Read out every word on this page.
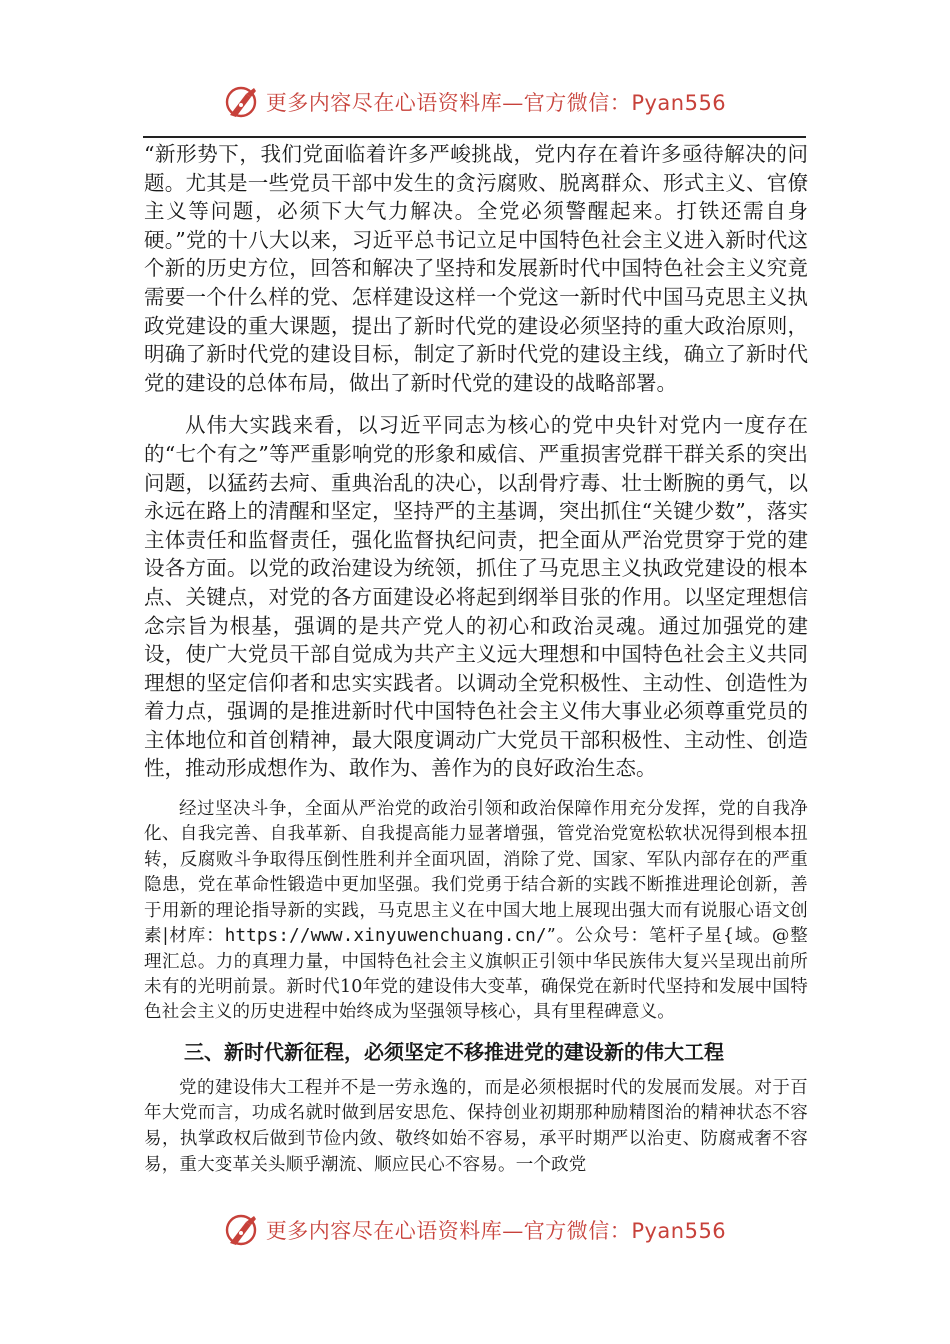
更多内容尽在心语资料库—官方微信：Pyan556

“新形势下，我们党面临着许多严峻挑战，党内存在着许多亟待解决的问题。尤其是一些党员干部中发生的贪污腐败、脱离群众、形式主义、官僚主义等问题，必须下大气力解决。全党必须警醒起来。打铁还需自身硬。”党的十八大以来，习近平总书记立足中国特色社会主义进入新时代这个新的历史方位，回答和解决了坚持和发展新时代中国特色社会主义究竟需要一个什么样的党、怎样建设这样一个党这一新时代中国马克思主义执政党建设的重大课题，提出了新时代党的建设必须坚持的重大政治原则，明确了新时代党的建设目标，制定了新时代党的建设主线，确立了新时代党的建设的总体布局，做出了新时代党的建设的战略部署。

从伟大实践来看，以习近平同志为核心的党中央针对党内一度存在的“七个有之”等严重影响党的形象和威信、严重损害党群干群关系的突出问题，以猛药去疴、重典治乱的决心，以刮骨疗毒、壮士断腕的勇气，以永远在路上的清醒和坚定，坚持严的主基调，突出抓住“关键少数”，落实主体责任和监督责任，强化监督执纪问责，把全面从严治党贯穿于党的建设各方面。以党的政治建设为统领，抓住了马克思主义执政党建设的根本点、关键点，对党的各方面建设必将起到纲举目张的作用。以坚定理想信念宗旨为根基，强调的是共产党人的初心和政治灵魂。通过加强党的建设，使广大党员干部自觉成为共产主义远大理想和中国特色社会主义共同理想的坚定信仰者和忠实实践者。以调动全党积极性、主动性、创造性为着力点，强调的是推进新时代中国特色社会主义伟大事业必须尊重党员的主体地位和首创精神，最大限度调动广大党员干部积极性、主动性、创造性，推动形成想作为、敢作为、善作为的良好政治生态。

经过坚决斗争，全面从严治党的政治引领和政治保障作用充分发挥，党的自我净化、自我完善、自我革新、自我提高能力显著增强，管党治党宽松软状况得到根本扭转，反腐败斗争取得压倒性胜利并全面巩固，消除了党、国家、军队内部存在的严重隐患，党在革命性锻造中更加坚强。我们党勇于结合新的实践不断推进理论创新，善于用新的理论指导新的实践，马克思主义在中国大地上展现出强大而有说服心语文创素|材库：https://www.xinyuwenchuang.cn/”。公众号：笔杆子星{域。@整理汇总。力的真理力量，中国特色社会主义旗帜正引领中华民族伟大复兴呈现出前所未有的光明前景。新时代10年党的建设伟大变革，确保党在新时代坚持和发展中国特色社会主义的历史进程中始终成为坚强领导核心，具有里程碑意义。

三、新时代新征程，必须坚定不移推进党的建设新的伟大工程

党的建设伟大工程并不是一劳永逸的，而是必须根据时代的发展而发展。对于百年大党而言，功成名就时做到居安思危、保持创业初期那种励精图治的精神状态不容易，执掌政权后做到节俭内敛、敬终如始不容易，承平时期严以治吏、防腐戒奢不容易，重大变革关头顺乎潮流、顺应民心不容易。一个政党

更多内容尽在心语资料库—官方微信：Pyan556
